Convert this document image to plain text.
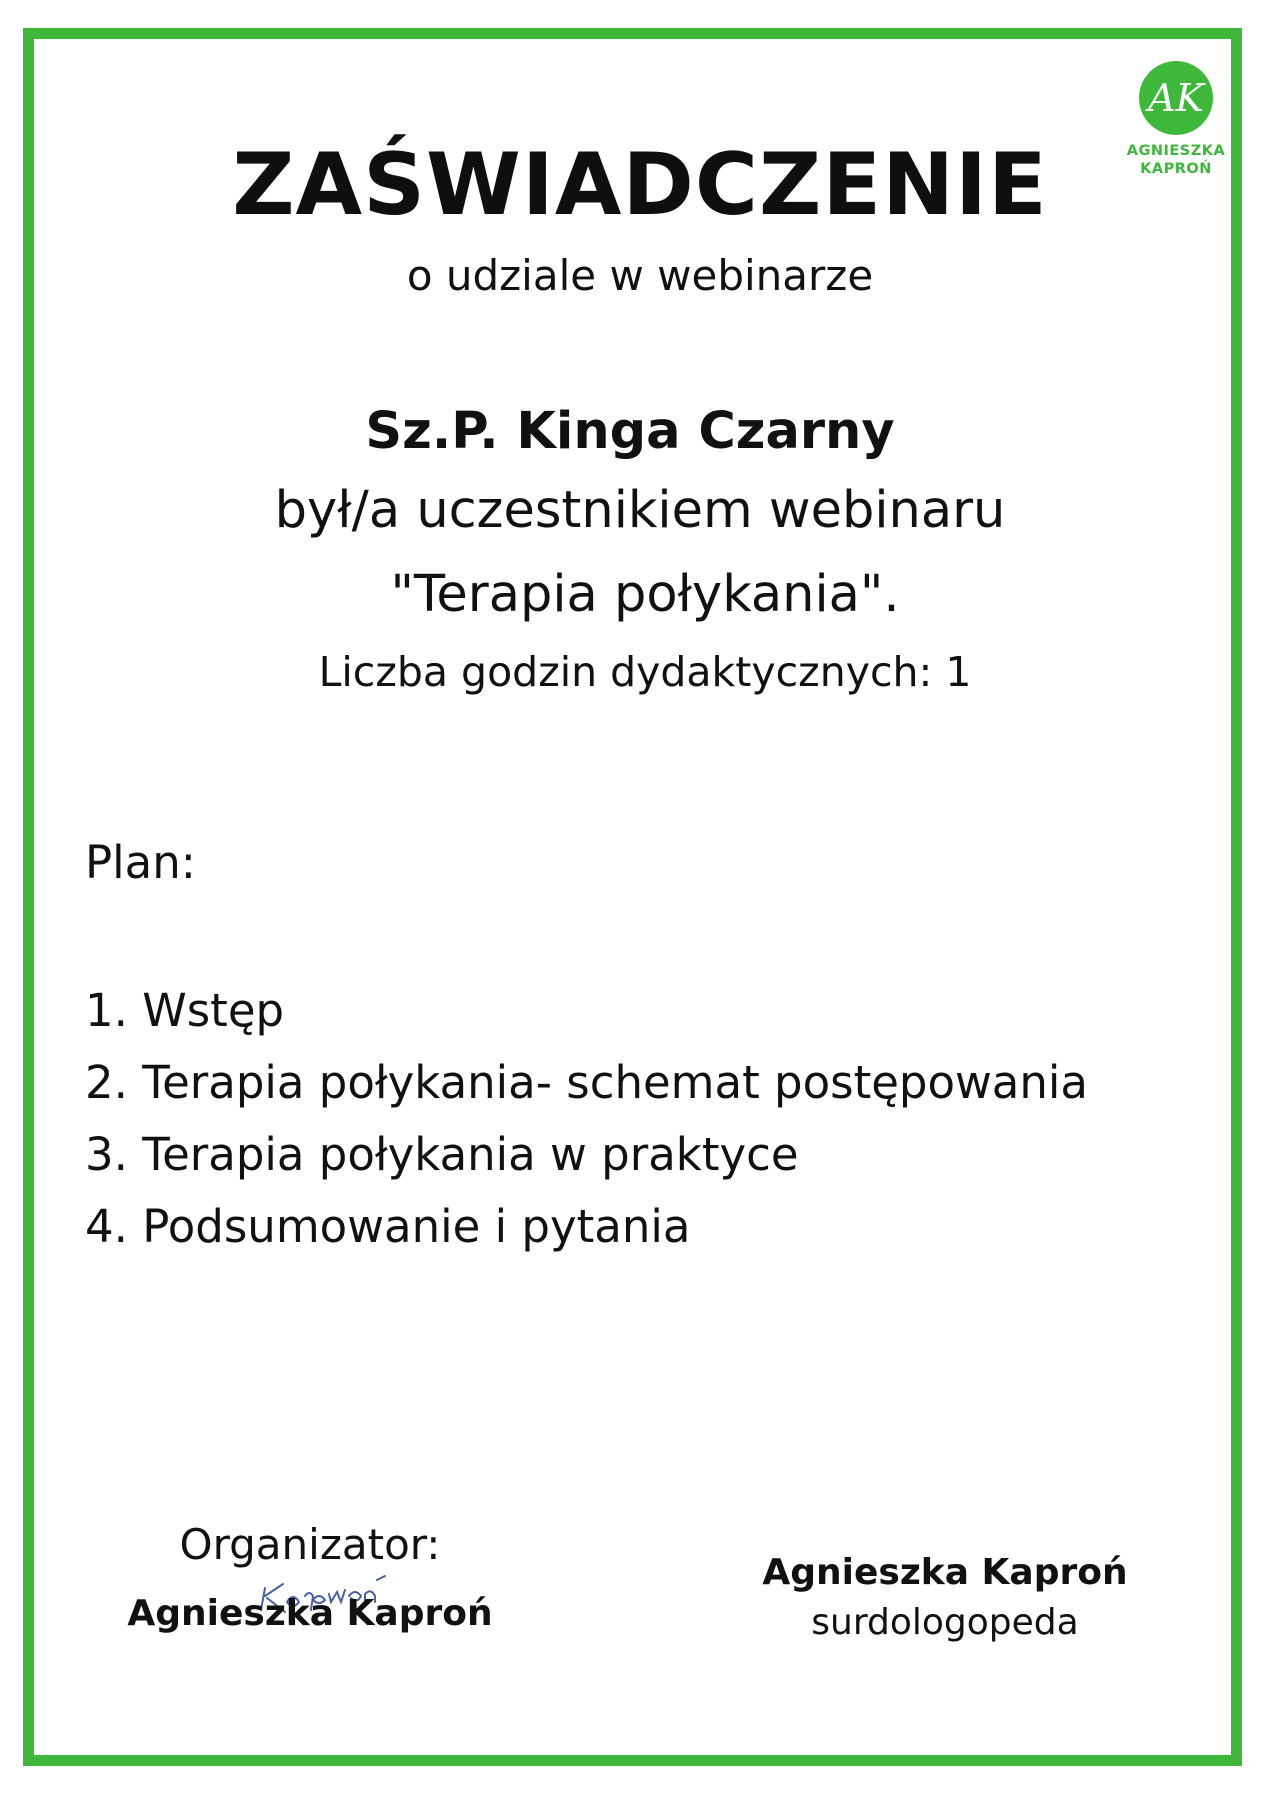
AK
AGNIESZKA
KAPROŃ
ZAŚWIADCZENIE
o udziale w webinarze
Sz.P. Kinga Czarny
był/a uczestnikiem webinaru
"Terapia połykania".
Liczba godzin dydaktycznych: 1
Plan:
1. Wstęp
2. Terapia połykania- schemat postępowania
3. Terapia połykania w praktyce
4. Podsumowanie i pytania
Organizator:
Agnieszka Kaproń
Agnieszka Kaproń
surdologopeda
